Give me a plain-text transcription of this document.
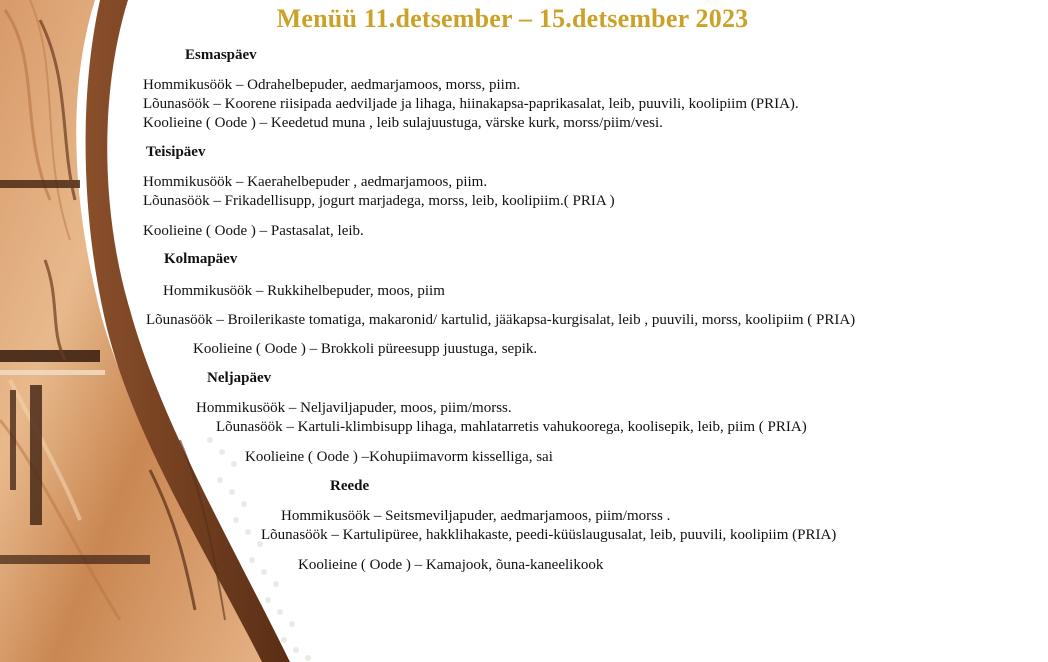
Menüü 11.detsember – 15.detsember 2023
Esmaspäev
Hommikusöök – Odrahelbepuder, aedmarjamoos, morss, piim.
Lõunasöök – Koorene riisipada aedviljade ja lihaga, hiinakapsa-paprikasalat, leib, puuvili, koolipiim (PRIA).
Koolieine ( Oode ) – Keedetud muna , leib sulajuustuga, värske kurk, morss/piim/vesi.
Teisipäev
Hommikusöök – Kaerahelbepuder , aedmarjamoos, piim.
Lõunasöök – Frikadellisupp, jogurt marjadega, morss, leib, koolipiim.( PRIA )
Koolieine ( Oode ) – Pastasalat, leib.
Kolmapäev
Hommikusöök – Rukkihelbepuder, moos, piim
Lõunasöök – Broilerikaste tomatiga, makaronid/ kartulid, jääkapsa-kurgisalat, leib , puuvili, morss, koolipiim ( PRIA)
Koolieine ( Oode ) – Brokkoli püreesupp juustuga, sepik.
Neljapäev
Hommikusöök – Neljaviljapuder, moos, piim/morss.
Lõunasöök – Kartuli-klimbisupp lihaga, mahlatarretis vahukoorega, koolisepik, leib, piim ( PRIA)
Koolieine ( Oode ) –Kohupiimavorm kisselliga, sai
Reede
Hommikusöök – Seitsmeviljapuder, aedmarjamoos, piim/morss .
Lõunasöök – Kartulipüree, hakklihakaste, peedi-küüslaugusalat, leib, puuvili, koolipiim (PRIA)
Koolieine ( Oode ) – Kamajook, õuna-kaneelikook
